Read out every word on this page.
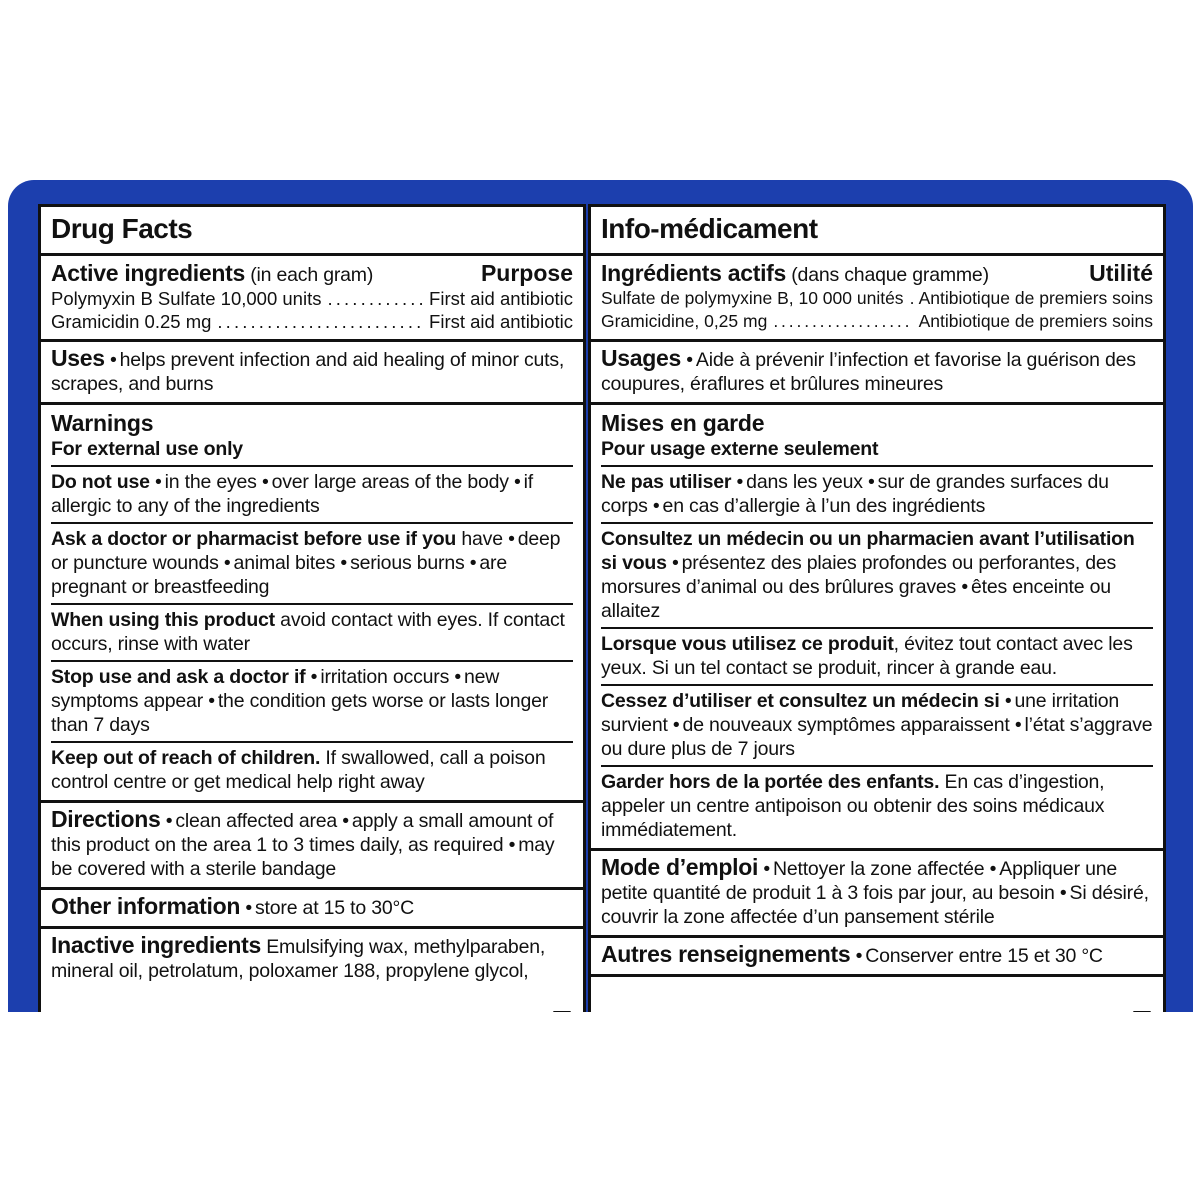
Drug Facts
Active ingredients (in each gram)	Purpose
Polymyxin B Sulfate 10,000 units . . .	First aid antibiotic
Gramicidin 0.25 mg . . .	First aid antibiotic
Uses • helps prevent infection and aid healing of minor cuts, scrapes, and burns
Warnings
For external use only
Do not use • in the eyes • over large areas of the body • if allergic to any of the ingredients
Ask a doctor or pharmacist before use if you have • deep or puncture wounds • animal bites • serious burns • are pregnant or breastfeeding
When using this product avoid contact with eyes. If contact occurs, rinse with water
Stop use and ask a doctor if • irritation occurs • new symptoms appear • the condition gets worse or lasts longer than 7 days
Keep out of reach of children. If swallowed, call a poison control centre or get medical help right away
Directions • clean affected area • apply a small amount of this product on the area 1 to 3 times daily, as required • may be covered with a sterile bandage
Other information • store at 15 to 30°C
Inactive ingredients Emulsifying wax, methylparaben, mineral oil, petrolatum, poloxamer 188, propylene glycol,
Info-médicament
Ingrédients actifs (dans chaque gramme)	Utilité
Sulfate de polymyxine B, 10 000 unités . . . Antibiotique de premiers soins
Gramicidine, 0,25 mg . . .	Antibiotique de premiers soins
Usages • Aide à prévenir l’infection et favorise la guérison des coupures, éraflures et brûlures mineures
Mises en garde
Pour usage externe seulement
Ne pas utiliser • dans les yeux • sur de grandes surfaces du corps • en cas d’allergie à l’un des ingrédients
Consultez un médecin ou un pharmacien avant l’utilisation si vous • présentez des plaies profondes ou perforantes, des morsures d’animal ou des brûlures graves • êtes enceinte ou allaitez
Lorsque vous utilisez ce produit, évitez tout contact avec les yeux. Si un tel contact se produit, rincer à grande eau.
Cessez d’utiliser et consultez un médecin si • une irritation survient • de nouveaux symptômes apparaissent • l’état s’aggrave ou dure plus de 7 jours
Garder hors de la portée des enfants. En cas d’ingestion, appeler un centre antipoison ou obtenir des soins médicaux immédiatement.
Mode d’emploi • Nettoyer la zone affectée • Appliquer une petite quantité de produit 1 à 3 fois par jour, au besoin • Si désiré, couvrir la zone affectée d’un pansement stérile
Autres renseignements • Conserver entre 15 et 30 °C
